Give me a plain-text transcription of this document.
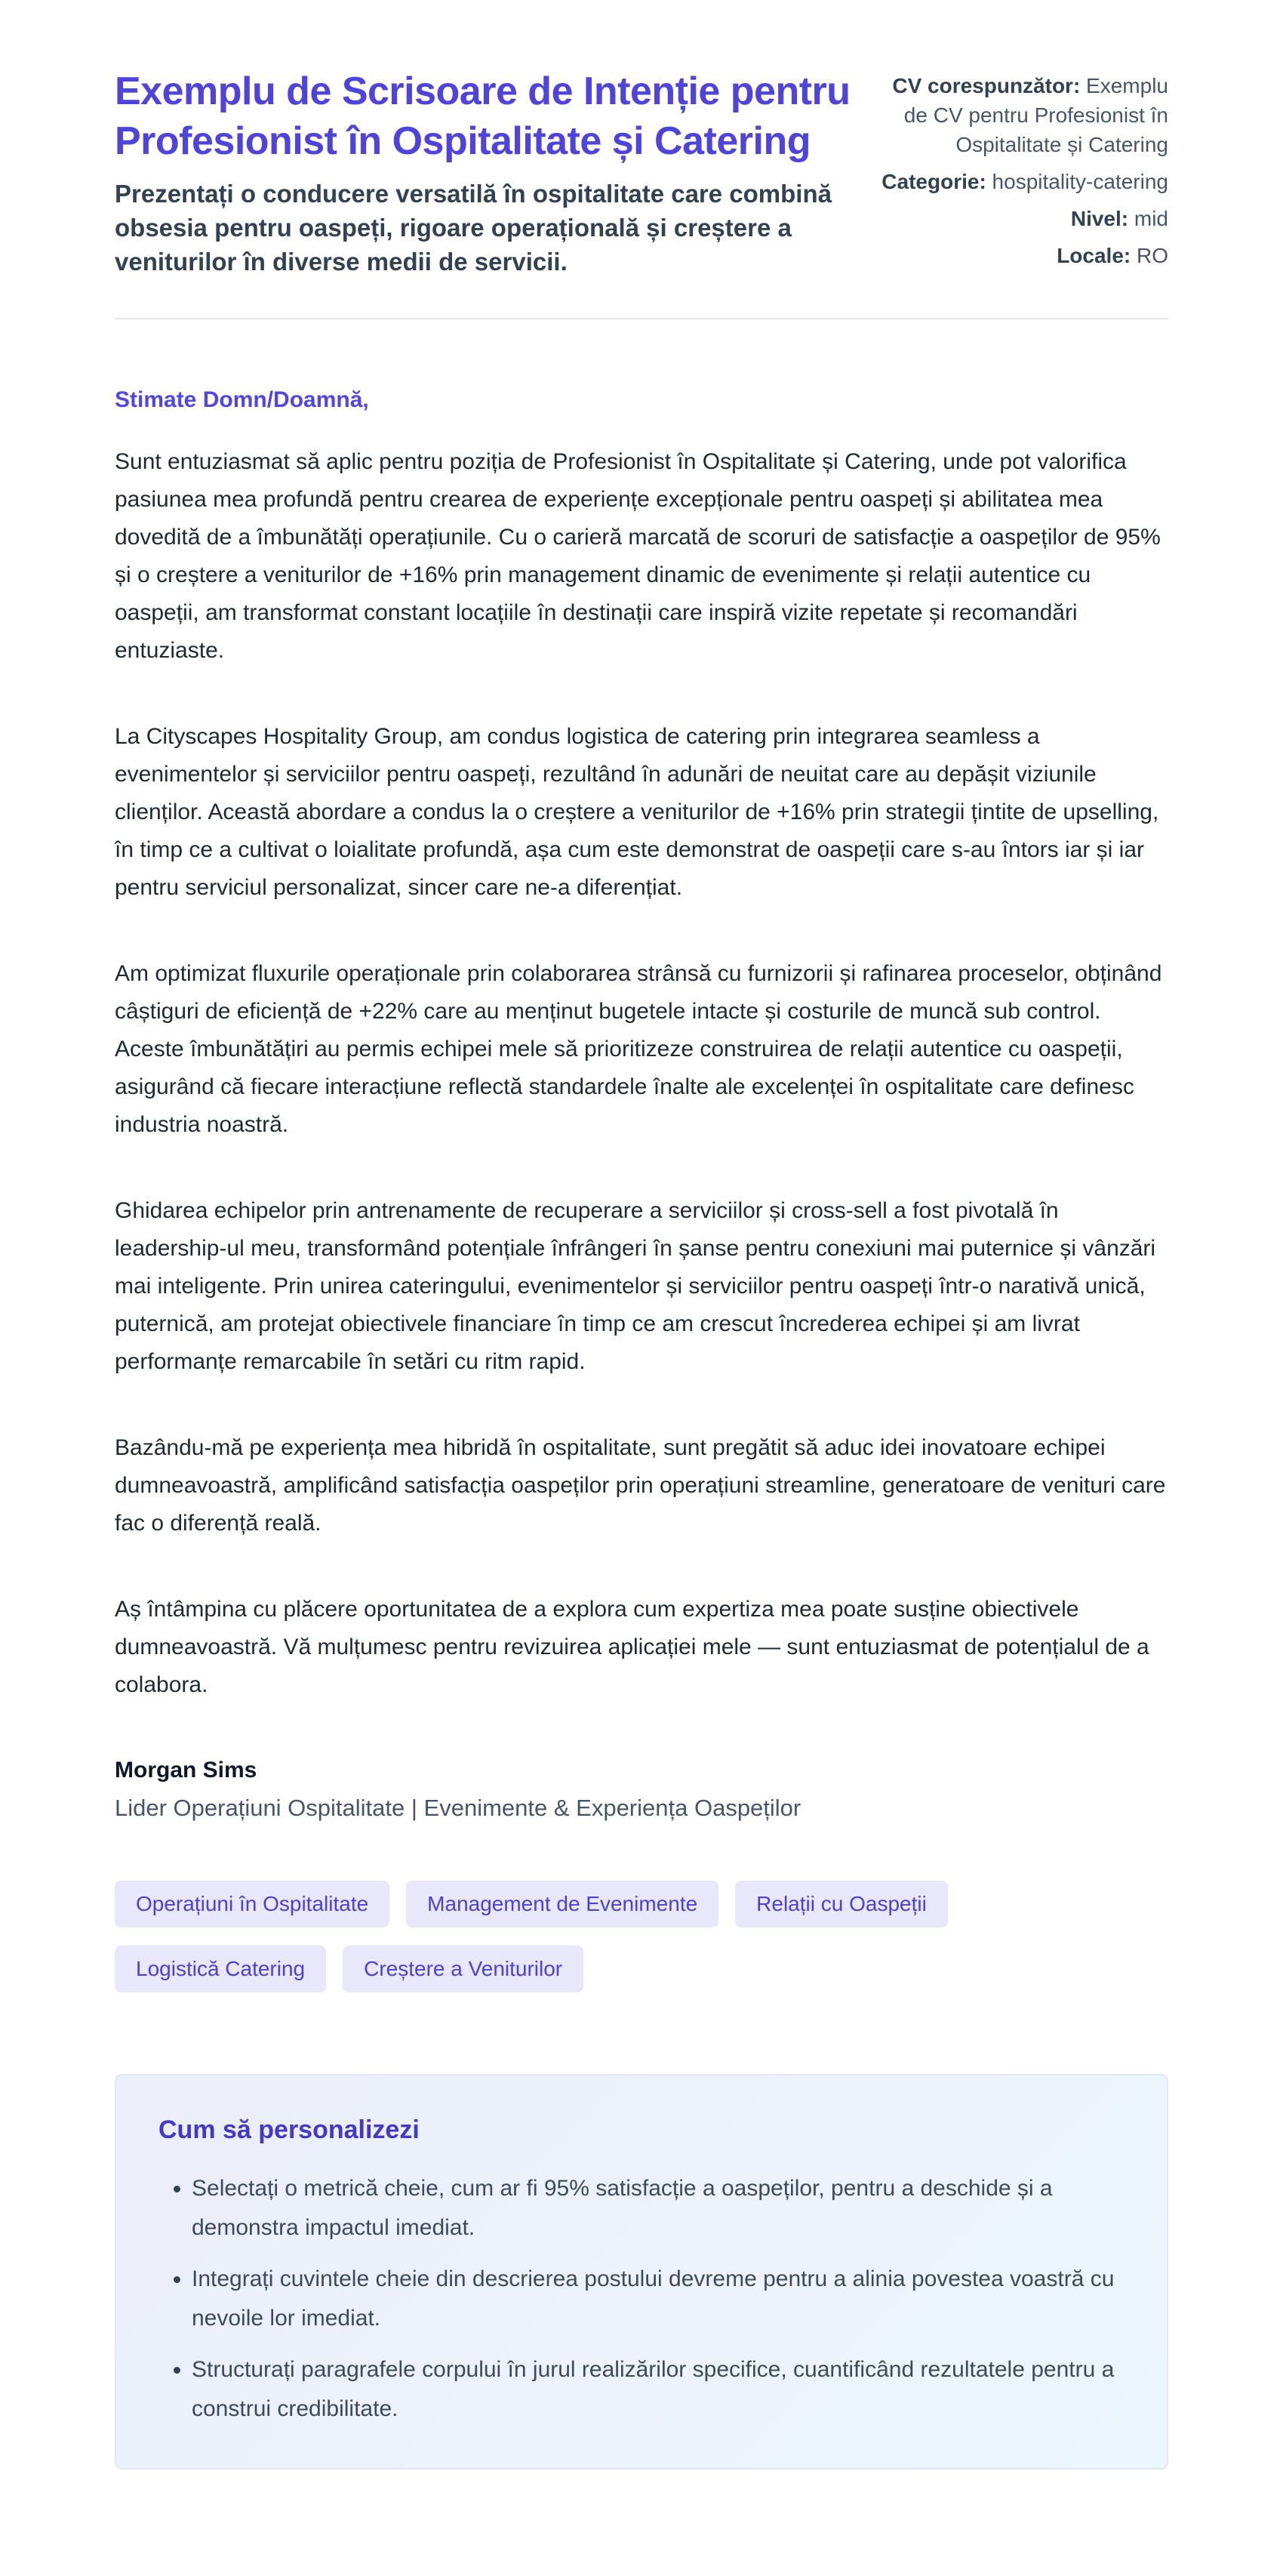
Exemplu de Scrisoare de Intenție pentru Profesionist în Ospitalitate și Catering
Prezentați o conducere versatilă în ospitalitate care combină obsesia pentru oaspeți, rigoare operațională și creștere a veniturilor în diverse medii de servicii.
CV corespunzător: Exemplu de CV pentru Profesionist în Ospitalitate și Catering
Categorie: hospitality-catering
Nivel: mid
Locale: RO

Stimate Domn/Doamnă,

Sunt entuziasmat să aplic pentru poziția de Profesionist în Ospitalitate și Catering, unde pot valorifica pasiunea mea profundă pentru crearea de experiențe excepționale pentru oaspeți și abilitatea mea dovedită de a îmbunătăți operațiunile. Cu o carieră marcată de scoruri de satisfacție a oaspeților de 95% și o creștere a veniturilor de +16% prin management dinamic de evenimente și relații autentice cu oaspeții, am transformat constant locațiile în destinații care inspiră vizite repetate și recomandări entuziaste.

La Cityscapes Hospitality Group, am condus logistica de catering prin integrarea seamless a evenimentelor și serviciilor pentru oaspeți, rezultând în adunări de neuitat care au depășit viziunile clienților. Această abordare a condus la o creștere a veniturilor de +16% prin strategii țintite de upselling, în timp ce a cultivat o loialitate profundă, așa cum este demonstrat de oaspeții care s-au întors iar și iar pentru serviciul personalizat, sincer care ne-a diferențiat.

Am optimizat fluxurile operaționale prin colaborarea strânsă cu furnizorii și rafinarea proceselor, obținând câștiguri de eficiență de +22% care au menținut bugetele intacte și costurile de muncă sub control. Aceste îmbunătățiri au permis echipei mele să prioritizeze construirea de relații autentice cu oaspeții, asigurând că fiecare interacțiune reflectă standardele înalte ale excelenței în ospitalitate care definesc industria noastră.

Ghidarea echipelor prin antrenamente de recuperare a serviciilor și cross-sell a fost pivotală în leadership-ul meu, transformând potențiale înfrângeri în șanse pentru conexiuni mai puternice și vânzări mai inteligente. Prin unirea cateringului, evenimentelor și serviciilor pentru oaspeți într-o narativă unică, puternică, am protejat obiectivele financiare în timp ce am crescut încrederea echipei și am livrat performanțe remarcabile în setări cu ritm rapid.

Bazându-mă pe experiența mea hibridă în ospitalitate, sunt pregătit să aduc idei inovatoare echipei dumneavoastră, amplificând satisfacția oaspeților prin operațiuni streamline, generatoare de venituri care fac o diferență reală.

Aș întâmpina cu plăcere oportunitatea de a explora cum expertiza mea poate susține obiectivele dumneavoastră. Vă mulțumesc pentru revizuirea aplicației mele — sunt entuziasmat de potențialul de a colabora.

Morgan Sims
Lider Operațiuni Ospitalitate | Evenimente & Experiența Oaspeților
Operațiuni în Ospitalitate	Management de Evenimente	Relații cu Oaspeții
Logistică Catering	Creștere a Veniturilor
Cum să personalizezi
• Selectați o metrică cheie, cum ar fi 95% satisfacție a oaspeților, pentru a deschide și a demonstra impactul imediat.
• Integrați cuvintele cheie din descrierea postului devreme pentru a alinia povestea voastră cu nevoile lor imediat.
• Structurați paragrafele corpului în jurul realizărilor specifice, cuantificând rezultatele pentru a construi credibilitate.
